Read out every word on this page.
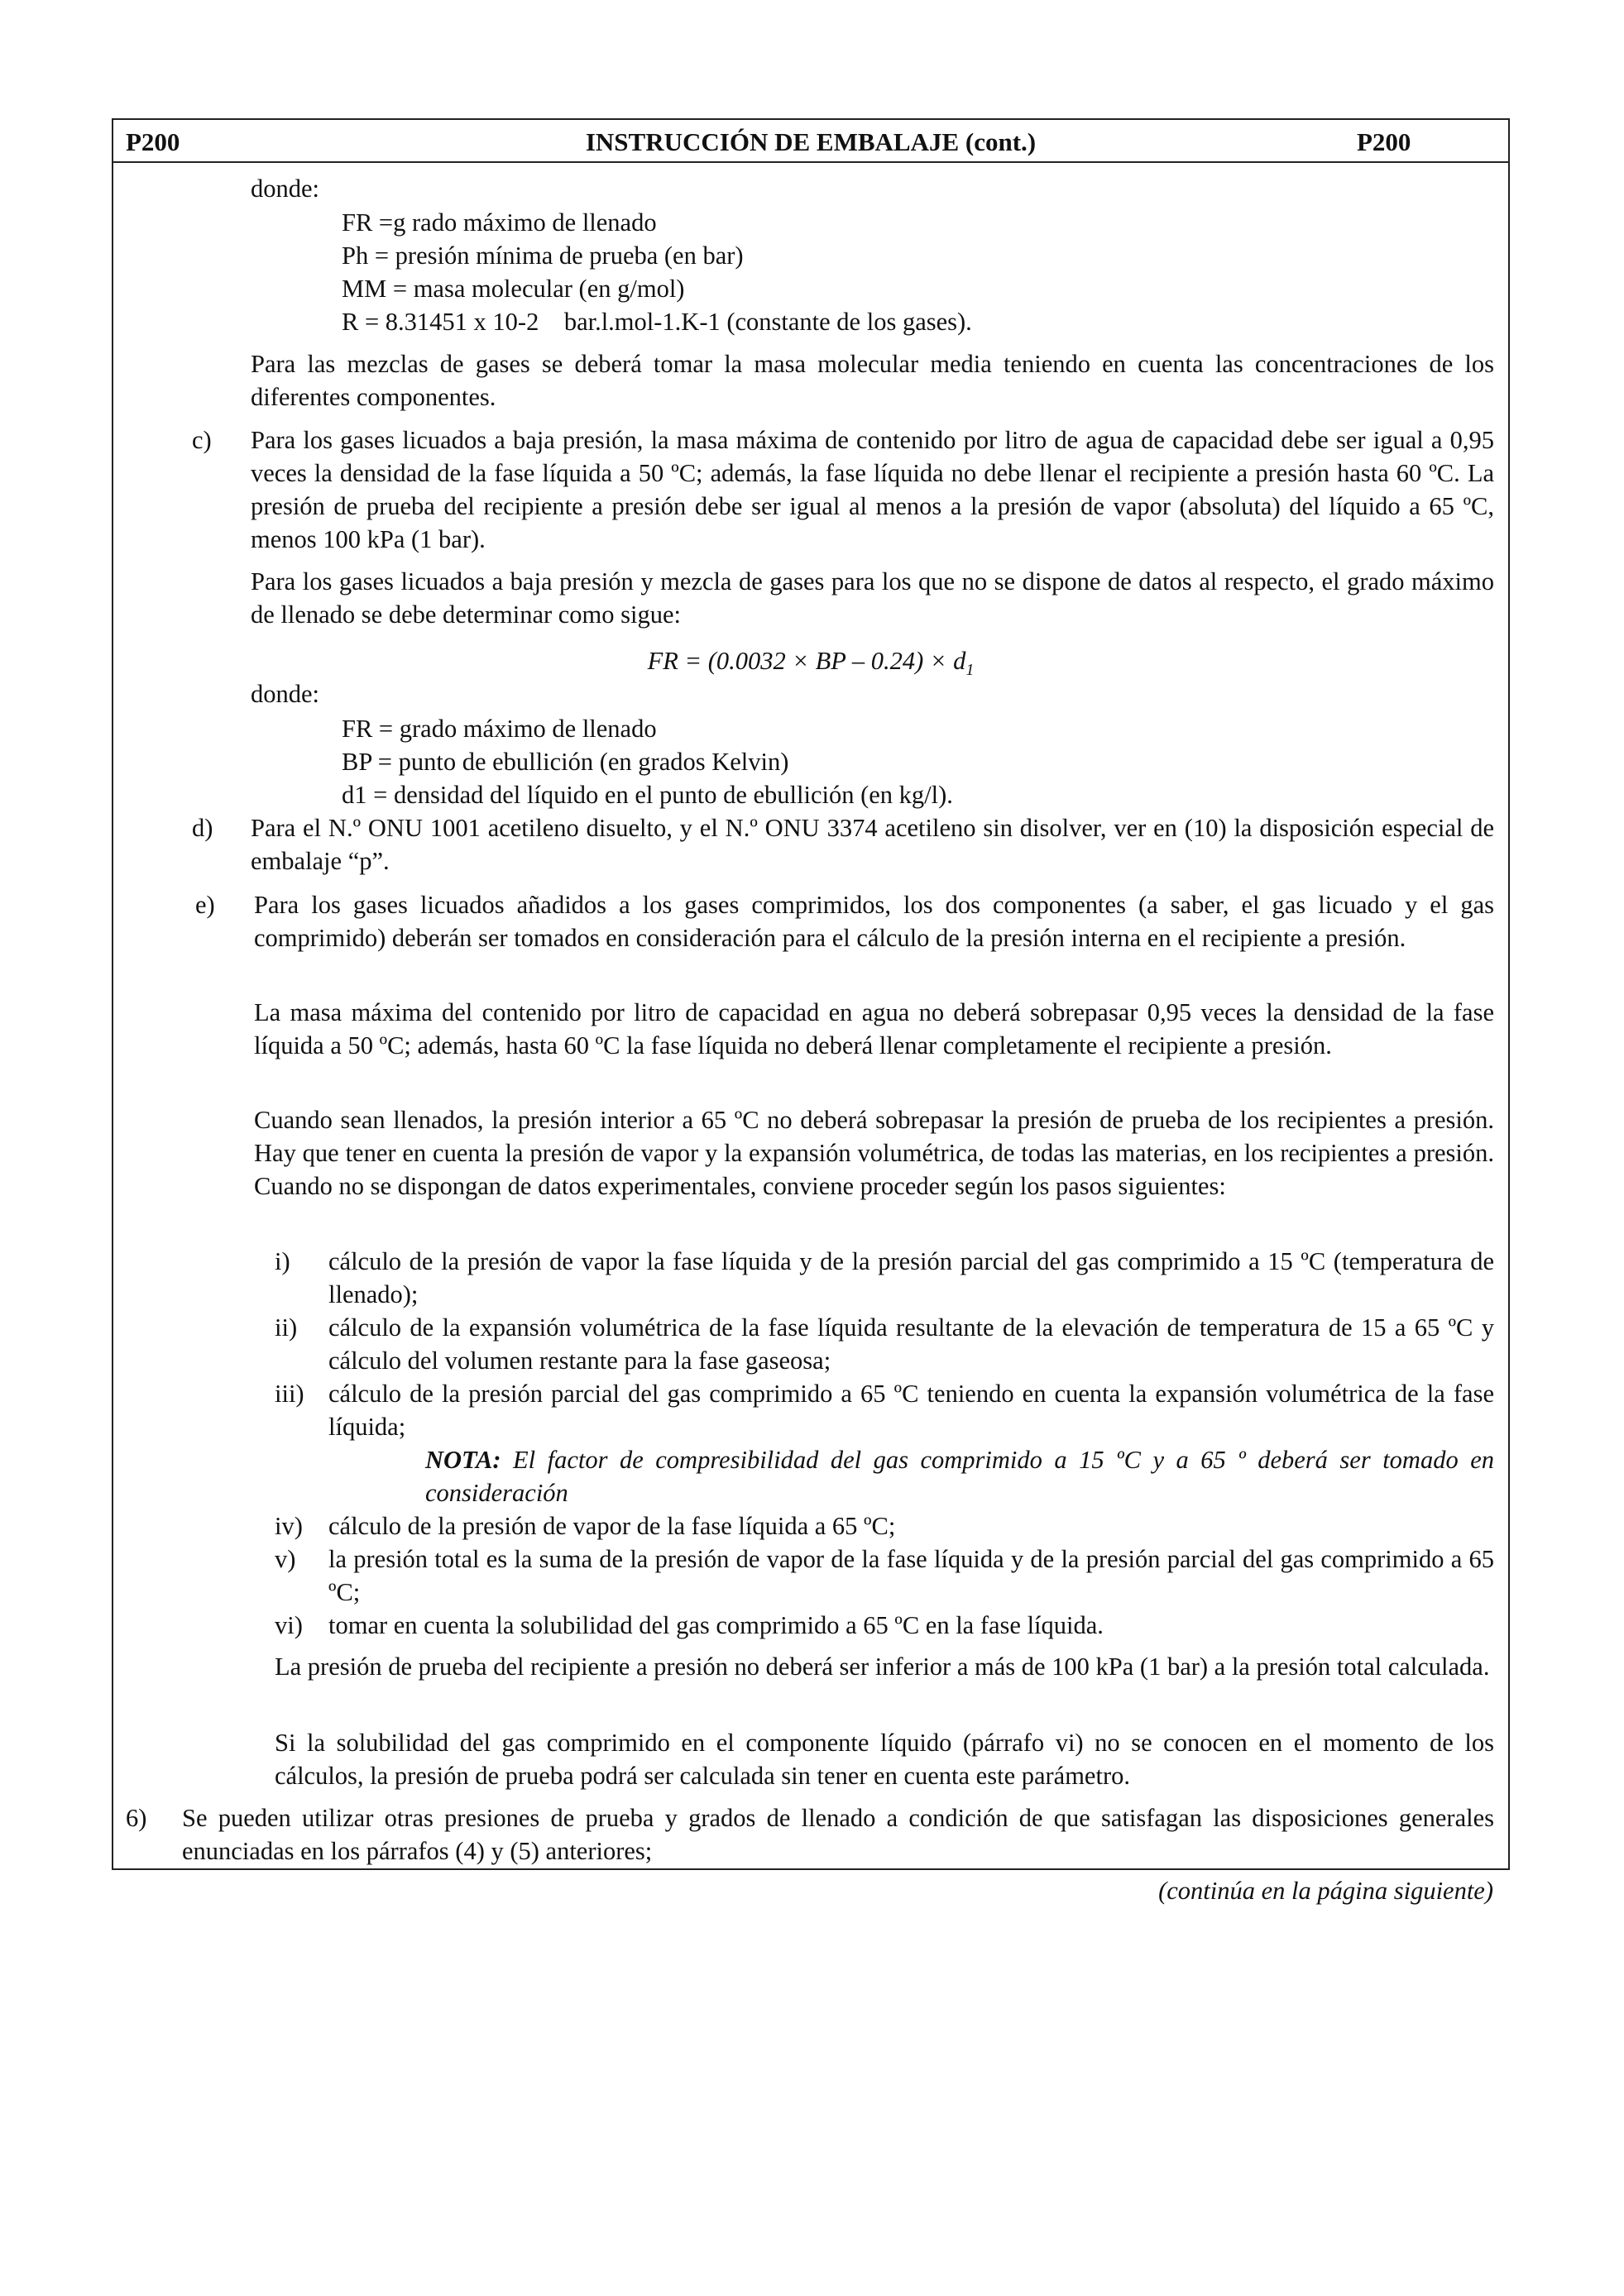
P200	INSTRUCCIÓN DE EMBALAJE (cont.)	P200

donde:

FR =g rado máximo de llenado

Ph = presión mínima de prueba (en bar)

MM = masa molecular (en g/mol)

R = 8.31451 x 10-2    bar.l.mol-1.K-1 (constante de los gases).

Para las mezclas de gases se deberá tomar la masa molecular media teniendo en cuenta las concentraciones de los diferentes componentes.

c) Para los gases licuados a baja presión, la masa máxima de contenido por litro de agua de capacidad debe ser igual a 0,95 veces la densidad de la fase líquida a 50 ºC; además, la fase líquida no debe llenar el recipiente a presión hasta 60 ºC. La presión de prueba del recipiente a presión debe ser igual al menos a la presión de vapor (absoluta) del líquido a 65 ºC, menos 100 kPa (1 bar).

Para los gases licuados a baja presión y mezcla de gases para los que no se dispone de datos al respecto, el grado máximo de llenado se debe determinar como sigue:

FR = (0.0032 × BP – $0.24) \times d_1$

donde:

FR = grado máximo de llenado

BP = punto de ebullición (en grados Kelvin)

d1 = densidad del líquido en el punto de ebullición (en kg/l).

d) Para el N.º ONU 1001 acetileno disuelto, y el N.º ONU 3374 acetileno sin disolver, ver en (10) la disposición especial de embalaje “p”.

e) Para los gases licuados añadidos a los gases comprimidos, los dos componentes (a saber, el gas licuado y el gas comprimido) deberán ser tomados en consideración para el cálculo de la presión interna en el recipiente a presión.

La masa máxima del contenido por litro de capacidad en agua no deberá sobrepasar 0,95 veces la densidad de la fase líquida a 50 ºC; además, hasta 60 ºC la fase líquida no deberá llenar completamente el recipiente a presión.

Cuando sean llenados, la presión interior a 65 ºC no deberá sobrepasar la presión de prueba de los recipientes a presión. Hay que tener en cuenta la presión de vapor y la expansión volumétrica, de todas las materias, en los recipientes a presión. Cuando no se dispongan de datos experimentales, conviene proceder según los pasos siguientes:

i) cálculo de la presión de vapor la fase líquida y de la presión parcial del gas comprimido a 15 ºC (temperatura de llenado);

ii) cálculo de la expansión volumétrica de la fase líquida resultante de la elevación de temperatura de 15 a 65 ºC y cálculo del volumen restante para la fase gaseosa;

iii) cálculo de la presión parcial del gas comprimido a 65 ºC teniendo en cuenta la expansión volumétrica de la fase líquida;

NOTA: El factor de compresibilidad del gas comprimido a 15 ºC y a 65 º deberá ser tomado en consideración

iv) cálculo de la presión de vapor de la fase líquida a 65 ºC;

v) la presión total es la suma de la presión de vapor de la fase líquida y de la presión parcial del gas comprimido a 65 ºC;

vi) tomar en cuenta la solubilidad del gas comprimido a 65 ºC en la fase líquida.

La presión de prueba del recipiente a presión no deberá ser inferior a más de 100 kPa (1 bar) a la presión total calculada.

Si la solubilidad del gas comprimido en el componente líquido (párrafo vi) no se conocen en el momento de los cálculos, la presión de prueba podrá ser calculada sin tener en cuenta este parámetro.

6) Se pueden utilizar otras presiones de prueba y grados de llenado a condición de que satisfagan las disposiciones generales enunciadas en los párrafos (4) y (5) anteriores;

(continúa en la página siguiente)
